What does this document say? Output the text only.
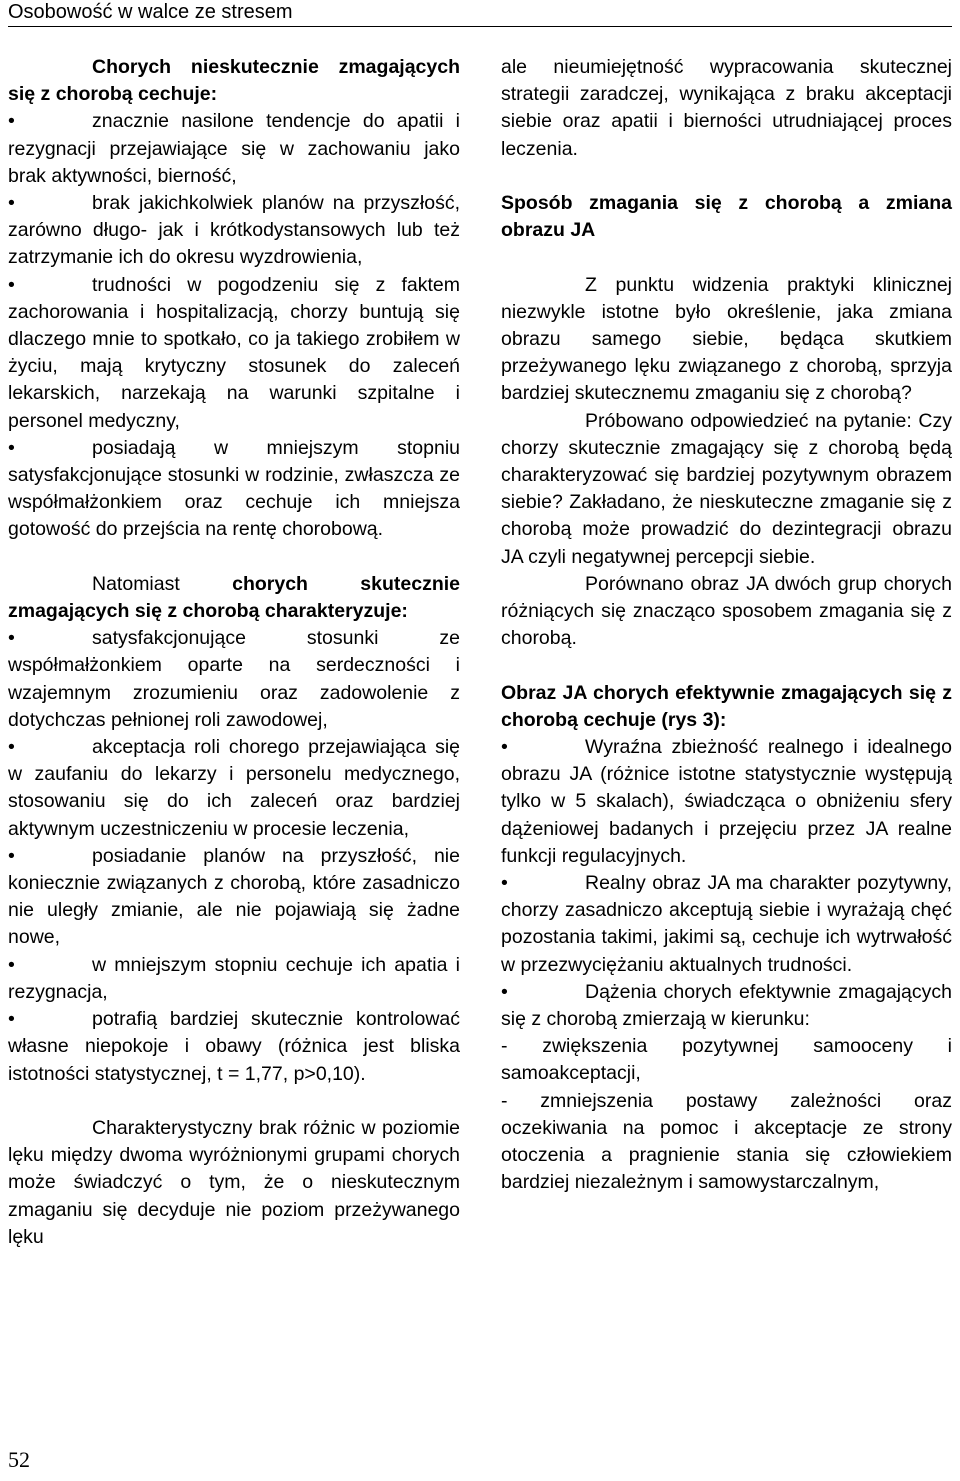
Osobowość w walce ze stresem

Chorych nieskutecznie zmagających się z chorobą cechuje:

•	znacznie nasilone tendencje do apatii i rezygnacji przejawiające się w zachowaniu jako brak aktywności, bierność,
•	brak jakichkolwiek planów na przyszłość, zarówno długo- jak i krótkodystansowych lub też zatrzymanie ich do okresu wyzdrowienia,
•	trudności w pogodzeniu się z faktem zachorowania i hospitalizacją, chorzy buntują się dlaczego mnie to spotkało, co ja takiego zrobiłem w życiu, mają krytyczny stosunek do zaleceń lekarskich, narzekają na warunki szpitalne i personel medyczny,
•	posiadają w mniejszym stopniu satysfakcjonujące stosunki w rodzinie, zwłaszcza ze współmałżonkiem oraz cechuje ich mniejsza gotowość do przejścia na rentę chorobową.

Natomiast chorych skutecznie zmagających się z chorobą charakteryzuje:

•	satysfakcjonujące stosunki ze współmałżonkiem oparte na serdeczności i wzajemnym zrozumieniu oraz zadowolenie z dotychczas pełnionej roli zawodowej,
•	akceptacja roli chorego przejawiająca się w zaufaniu do lekarzy i personelu medycznego, stosowaniu się do ich zaleceń oraz bardziej aktywnym uczestniczeniu w procesie leczenia,
•	posiadanie planów na przyszłość, nie koniecznie związanych z chorobą, które zasadniczo nie uległy zmianie, ale nie pojawiają się żadne nowe,
•	w mniejszym stopniu cechuje ich apatia i rezygnacja,
•	potrafią bardziej skutecznie kontrolować własne niepokoje i obawy (różnica jest bliska istotności statystycznej, t = 1,77, p>0,10).

Charakterystyczny brak różnic w poziomie lęku między dwoma wyróżnionymi grupami chorych może świadczyć o tym, że o nieskutecznym zmaganiu się decyduje nie poziom przeżywanego lęku

ale nieumiejętność wypracowania skutecznej strategii zaradczej, wynikająca z braku akceptacji siebie oraz apatii i bierności utrudniającej proces leczenia.

Sposób zmagania się z chorobą a zmiana obrazu JA

Z punktu widzenia praktyki klinicznej niezwykle istotne było określenie, jaka zmiana obrazu samego siebie, będąca skutkiem przeżywanego lęku związanego z chorobą, sprzyja bardziej skutecznemu zmaganiu się z chorobą?

Próbowano odpowiedzieć na pytanie: Czy chorzy skutecznie zmagający się z chorobą będą charakteryzować się bardziej pozytywnym obrazem siebie? Zakładano, że nieskuteczne zmaganie się z chorobą może prowadzić do dezintegracji obrazu JA czyli negatywnej percepcji siebie.

Porównano obraz JA dwóch grup chorych różniących się znacząco sposobem zmagania się z chorobą.

Obraz JA chorych efektywnie zmagających się z chorobą cechuje (rys 3):

•	Wyraźna zbieżność realnego i idealnego obrazu JA (różnice istotne statystycznie występują tylko w 5 skalach), świadcząca o obniżeniu sfery dążeniowej badanych i przejęciu przez JA realne funkcji regulacyjnych.
•	Realny obraz JA ma charakter pozytywny, chorzy zasadniczo akceptują siebie i wyrażają chęć pozostania takimi, jakimi są, cechuje ich wytrwałość w przezwyciężaniu aktualnych trudności.
•	Dążenia chorych efektywnie zmagających się z chorobą zmierzają w kierunku:

- zwiększenia pozytywnej samooceny i samoakceptacji,

- zmniejszenia postawy zależności oraz oczekiwania na pomoc i akceptacje ze strony otoczenia a pragnienie stania się człowiekiem bardziej niezależnym i samowystarczalnym,

52
